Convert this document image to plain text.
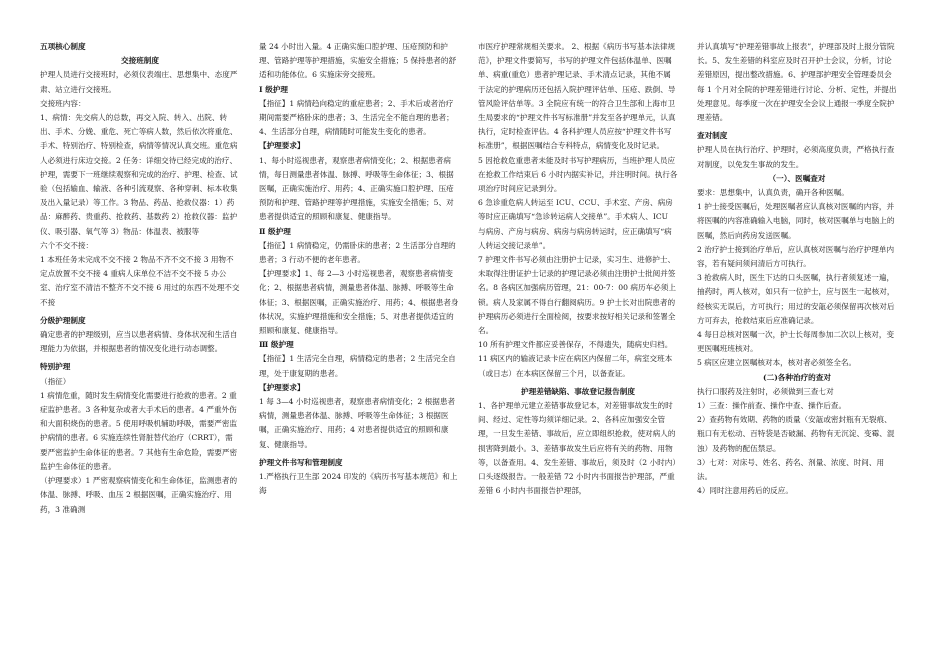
五项核心制度

交接班制度

护理人员进行交接班时，必须仪表端庄、思想集中、态度严肃、站立进行交接班。

交接班内容：

1、病情：先交病人的总数，再交入院、转入、出院、转出、手术、分娩、重危、死亡等病人数，然后依次将重危、手术、特别治疗、特别检查，病情等情况认真交班。重危病人必须进行床边交接。2 任务：详细交待已经完成的治疗、护理，需要下一班继续观察和完成的治疗、护理、检查、试验（包括输血、输液、各种引流观察、各种穿刺、标本收集及出入量记录）等工作。3 物品、药品、抢救仪器：1）药品：麻醉药、贵重药、抢救药、基数药 2）抢救仪器：监护仪、吸引器、氧气等 3）物品：体温表、被服等

六个不交不接：

1 本班任务未完成不交不接 2 物品不齐不交不接 3 用物不定点放置不交不接 4 重病人床单位不洁不交不接 5 办公室、治疗室不清洁不整齐不交不接 6 用过的东西不处理不交不接

分级护理制度

确定患者的护理级别，应当以患者病情、身体状况和生活自理能力为依据，并根据患者的情况变化进行动态调整。

特别护理

（指征）

1 病情危重，随时发生病情变化需要进行抢救的患者。2 重症监护患者。3 各种复杂或者大手术后的患者。4 严重外伤和大面积烧伤的患者。5 使用呼吸机辅助呼吸，需要严密监护病情的患者。6 实施连续性肾脏替代治疗（CRRT），需要严密监护生命体征的患者。7 其他有生命危险，需要严密监护生命体征的患者。

（护理要求）1 严密观察病情变化和生命体征，监测患者的体温、脉搏、呼吸、血压 2 根据医嘱，正确实施治疗、用药，3 准确测

量 24 小时出入量。4 正确实施口腔护理、压疮预防和护理、管路护理等护理措施，实施安全措施；5 保持患者的舒适和功能体位。6 实施床旁交接班。

Ⅰ 级护理

【指征】1 病情趋向稳定的重症患者；2、手术后或者治疗期间需要严格卧床的患者；3、生活完全不能自理的患者；4、生活部分自理，病情随时可能发生变化的患者。

【护理要求】

1、每小时巡视患者，观察患者病情变化；2、根据患者病情，每日测量患者体温、脉搏、呼吸等生命体征；3、根据医嘱，正确实施治疗、用药；4、正确实施口腔护理、压疮预防和护理、管路护理等护理措施，实施安全措施；5、对患者提供适宜的照顾和康复、健康指导。

Ⅱ 级护理

【指征】1 病情稳定，仍需卧床的患者；2 生活部分自理的患者；3 行动不便的老年患者。

【护理要求】1、每 2—3 小时巡视患者，观察患者病情变化；2、根据患者病情，测量患者体温、脉搏、呼吸等生命体征；3、根据医嘱，正确实施治疗、用药；4、根据患者身体状况，实施护理措施和安全措施；5、对患者提供适宜的照顾和康复、健康指导。

Ⅲ 级护理

【指征】1 生活完全自理，病情稳定的患者；2 生活完全自理，处于康复期的患者。

【护理要求】

1 每 3—4 小时巡视患者，观察患者病情变化；2 根据患者病情，测量患者体温、脉搏、呼吸等生命体征；3 根据医嘱，正确实施治疗、用药；4 对患者提供适宜的照顾和康复、健康指导。

护理文件书写和管理制度

1.严格执行卫生部 2024 印发的《病历书写基本规范》和上海

市医疗护理常规相关要求。 2、根据《病历书写基本法律规范》，护理文件要简写，书写的护理文件包括体温单、医嘱单、病重(重危）患者护理记录、手术清点记录，其他不属于法定的护理病历还包括入院护理评估单、压疮、跌倒、导管风险评估单等。3 全院应有统一的符合卫生部和上海市卫生局要求的“护理文件书写标准册”并发至各护理单元，认真执行，定时检查评估。4 各科护理人员应按“护理文件书写标准册”，根据医嘱结合专科特点，病情变化及时记录。

5 因抢救危重患者未能及时书写护理病历，当班护理人员应在抢救工作结束后 6 小时内据实补记，并注明时间。执行各项治疗时间应记录到分。

6 急诊重危病人转运至 ICU、CCU、手术室、产房、病房等时应正确填写“急诊转运病人交接单”。手术病人、ICU 与病房、产房与病房、病房与病房转运时，应正确填写“病人转运交接记录单”。

7 护理文件书写必须由注册护士记录，实习生、进修护士、未取得注册证护士记录的护理记录必须由注册护士批阅并签名。8 各病区加强病历管理，21：00-7：00 病历车必须上锁。病人及家属不得自行翻阅病历。9 护士长对出院患者的护理病历必须进行全面检阅，按要求按好相关记录和签署全名。

10 所有护理文件都应妥善保存，不得遗失，随病史归档。

11 病区内的输液记录卡应在病区内保留二年，病室交班本（或日志）在本病区保留三个月，以备查证。

护理差错缺陷、事故登记报告制度

1、各护理单元建立差错事故登记本，对差错事故发生的时间、经过、定性等均须详细记录。2、各科应加强安全管理，一旦发生差错、事故后，应立即组织抢救，使对病人的损害降到最小。3、差错事故发生后应将有关的药物、用物等，以备查用。4、发生差错、事故后，须及时（2 小时内）口头逐级报告。一般差错 72 小时内书面报告护理部，严重差错 6 小时内书面报告护理部，

并认真填写“护理差错事故上报表”，护理部及时上报分管院长。5、发生差错的科室应及时召开护士会议，分析，讨论差错原因，提出整改措施。6、护理部护理安全管理委员会每 1 个月对全院的护理差错进行讨论、分析、定性，并提出处理意见。每季度一次在护理安全会议上通报一季度全院护理差错。

查对制度

护理人员在执行治疗、护理时，必须高度负责，严格执行查对制度，以免发生事故的发生。

（一）、医嘱查对

要求：思想集中，认真负责，确开各种医嘱。

1 护士接受医嘱后，处理医嘱者应认真核对医嘱的内容，并将医嘱的内容准确输入电脑，同时，核对医嘱单与电脑上的医嘱，然后向药房发送医嘱。

2 治疗护士接到治疗单后，应认真核对医嘱与治疗护理单内容，若有疑问须问清后方可执行。

3 抢救病人时，医生下达的口头医嘱，执行者须复述一遍，抽药时，两人核对，如只有一位护士，应与医生一起核对，经核实无误后，方可执行；用过的安瓿必须保留再次核对后方可弃去，抢救结束后应准确记录。

4 每日总核对医嘱一次，护士长每周参加二次以上核对，变更医嘱班班核对。

5 病区应建立医嘱核对本，核对者必须签全名。

(二)各种治疗的查对

执行口服药及注射时，必须做到三查七对

1）三查：操作前查、操作中查、操作后查。

2）查药物有效期、药物的质量（安瓿或密封瓶有无裂痕、瓶口有无松动、百特袋是否破漏、药物有无沉淀、变霉、混浊）及药物的配伍禁忌。

3）七对：对床号、姓名、药名、剂量、浓度、时间、用法。

4）同时注意用药后的反应。
